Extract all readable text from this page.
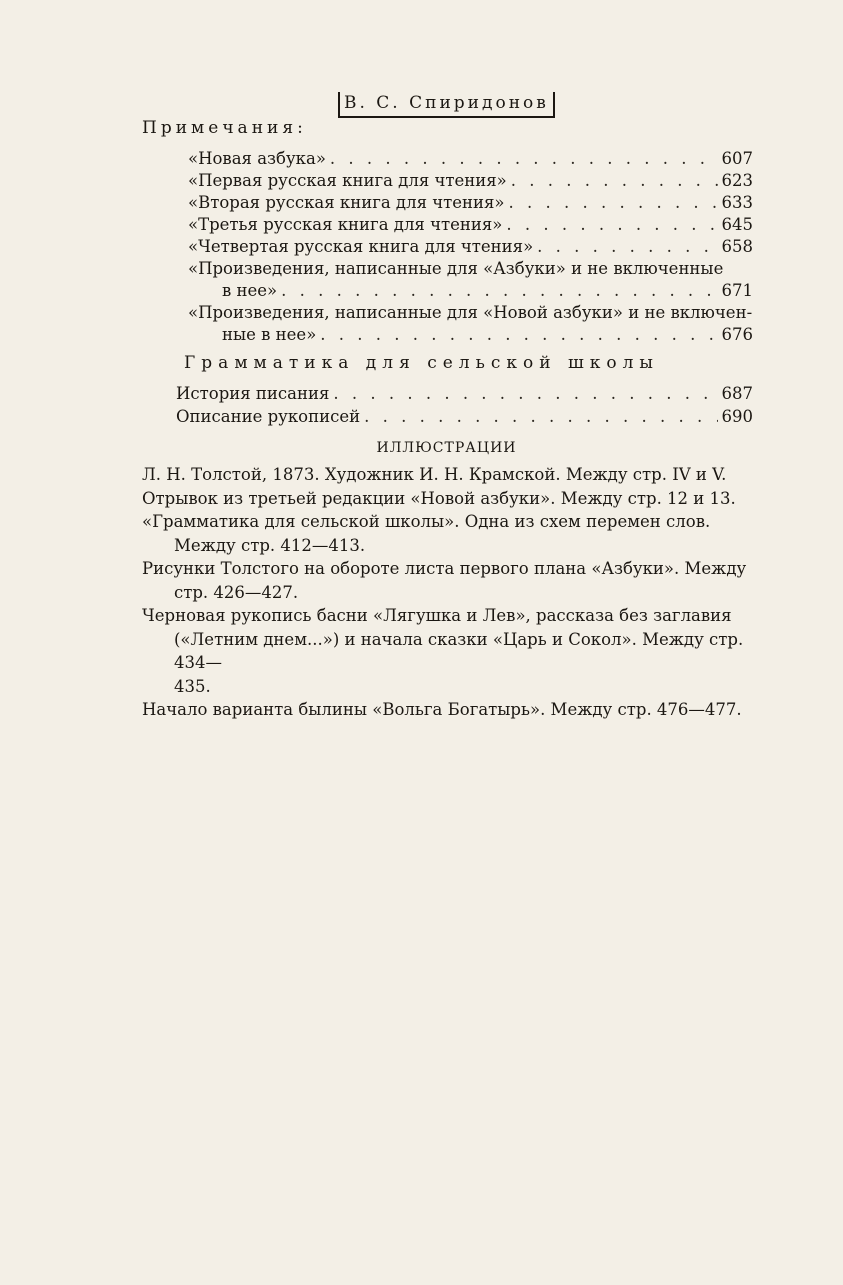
В. С. Спиридонов
Примечания:
«Новая азбука» . . .	607
«Первая русская книга для чтения» . . .	623
«Вторая русская книга для чтения» . . .	633
«Третья русская книга для чтения» . . .	645
«Четвертая русская книга для чтения» . . .	658
«Произведения, написанные для «Азбуки» и не включенные
в нее» . . .	671
«Произведения, написанные для «Новой азбуки» и не включен-
ные в нее» . . .	676
Грамматика для сельской школы
История писания . . .	687
Описание рукописей . . .	690
ИЛЛЮСТРАЦИИ
Л. Н. Толстой, 1873. Художник И. Н. Крамской. Между стр. IV и V.
Отрывок из третьей редакции «Новой азбуки». Между стр. 12 и 13.
«Грамматика для сельской школы». Одна из схем перемен слов.
Между стр. 412—413.
Рисунки Толстого на обороте листа первого плана «Азбуки». Между
стр. 426—427.
Черновая рукопись басни «Лягушка и Лев», рассказа без заглавия
(«Летним днем...») и начала сказки «Царь и Сокол». Между стр. 434—
435.
Начало варианта былины «Вольга Богатырь». Между стр. 476—477.
